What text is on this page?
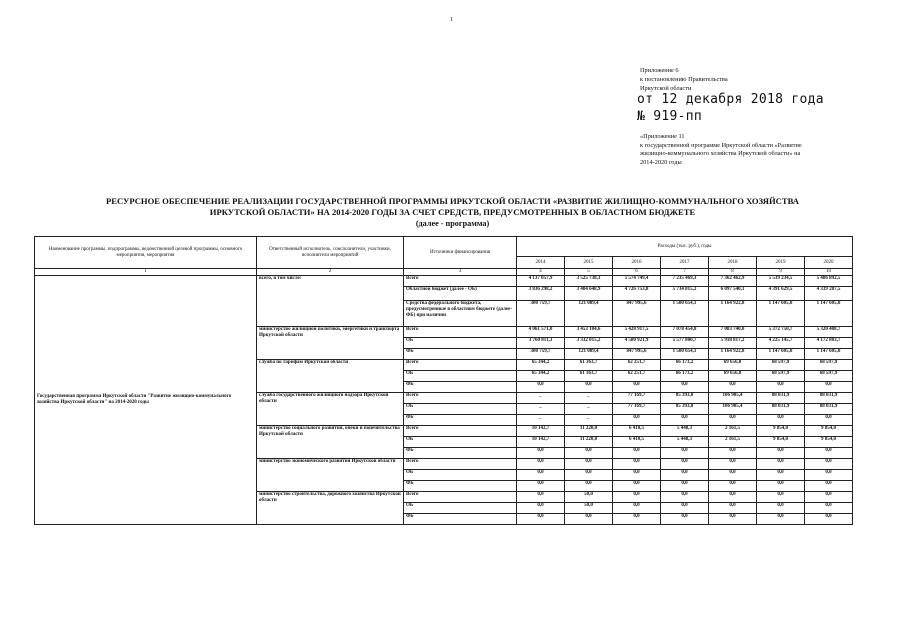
1
Приложение 6
к постановлению Правительства
Иркутской области
от 12 декабря 2018 года
№ 919-пп
«Приложение 11
к государственной программе Иркутской области «Развитие
жилищно-коммунального хозяйства Иркутской области» на
2014-2020 годы
РЕСУРСНОЕ ОБЕСПЕЧЕНИЕ РЕАЛИЗАЦИИ ГОСУДАРСТВЕННОЙ ПРОГРАММЫ ИРКУТСКОЙ ОБЛАСТИ «РАЗВИТИЕ ЖИЛИЩНО-КОММУНАЛЬНОГО ХОЗЯЙСТВА
ИРКУТСКОЙ ОБЛАСТИ» НА 2014-2020 ГОДЫ ЗА СЧЕТ СРЕДСТВ, ПРЕДУСМОТРЕННЫХ В ОБЛАСТНОМ БЮДЖЕТЕ
(далее - программа)
Наименование программы, подпрограммы, ведомственной целевой программы, основного мероприятия, мероприятия	Ответственный исполнитель, соисполнители, участники, исполнители мероприятий	Источники финансирования	Расходы (тыс. руб.), годы						
			2014	2015	2016	2017	2018	2019	2020
1	2	3	4	5	6	7	8	9	10
Государственная программа Иркутской области "Развитие жилищно-коммунального хозяйства Иркутской области" на 2014-2020 годы	всего, в том числе:	Всего	4 137 057,9	3 525 738,3	5 574 749,4	7 235 469,3	7 362 462,9	5 539 234,5	5 486 892,5
		Областной бюджет (далее - ОБ)	3 836 298,2	3 404 648,9	4 726 753,8	5 734 815,2	6 097 540,1	4 391 629,5	4 339 287,5
		Средства федерального бюджета, предусмотренные в областном бюджете (далее-ФБ) при наличии	300 759,7	121 089,4	847 995,6	1 500 654,1	1 164 922,8	1 147 605,0	1 147 605,0
	министерство жилищной политики, энергетики и транспорта Иркутской области	Всего	4 061 571,0	3 453 104,6	5 428 917,5	7 078 454,8	7 083 740,0	5 372 750,7	5 320 408,7
		ОБ	3 760 811,3	3 332 015,2	4 580 921,9	5 577 800,7	5 918 817,2	4 225 145,7	4 172 803,7
		ФБ	300 759,7	121 089,4	847 995,6	1 500 654,1	1 164 922,8	1 147 605,0	1 147 605,0
	служба по тарифам Иркутской области	Всего	65 344,2	61 363,7	62 251,7	66 173,2	69 656,0	68 597,9	68 597,9
		ОБ	65 344,2	61 363,7	62 251,7	66 173,2	69 656,0	68 597,9	68 597,9
		ФБ	0,0	0,0	0,0	0,0	0,0	0,0	0,0
	служба государственного жилищного надзора Иркутской области	Всего	_	_	77 169,7	85 393,0	106 905,4	88 031,9	88 031,9
		ОБ	_	_	77 169,7	85 393,0	106 905,4	88 031,9	88 031,9
		ФБ	_	_	0,0	0,0	0,0	0,0	0,0
	министерство социального развития, опеки и попечительства Иркутской области	Всего	10 142,7	11 220,0	6 410,5	5 448,3	2 161,5	9 854,0	9 854,0
		ОБ	10 142,7	11 220,0	6 410,5	5 448,3	2 161,5	9 854,0	9 854,0
		ФБ	0,0	0,0	0,0	0,0	0,0	0,0	0,0
	министерство экономического развития Иркутской области	Всего	0,0	0,0	0,0	0,0	0,0	0,0	0,0
		ОБ	0,0	0,0	0,0	0,0	0,0	0,0	0,0
		ФБ	0,0	0,0	0,0	0,0	0,0	0,0	0,0
	министерство строительства, дорожного хозяйства Иркутской области	Всего	0,0	50,0	0,0	0,0	0,0	0,0	0,0
		ОБ	0,0	50,0	0,0	0,0	0,0	0,0	0,0
		ФБ	0,0	0,0	0,0	0,0	0,0	0,0	0,0
